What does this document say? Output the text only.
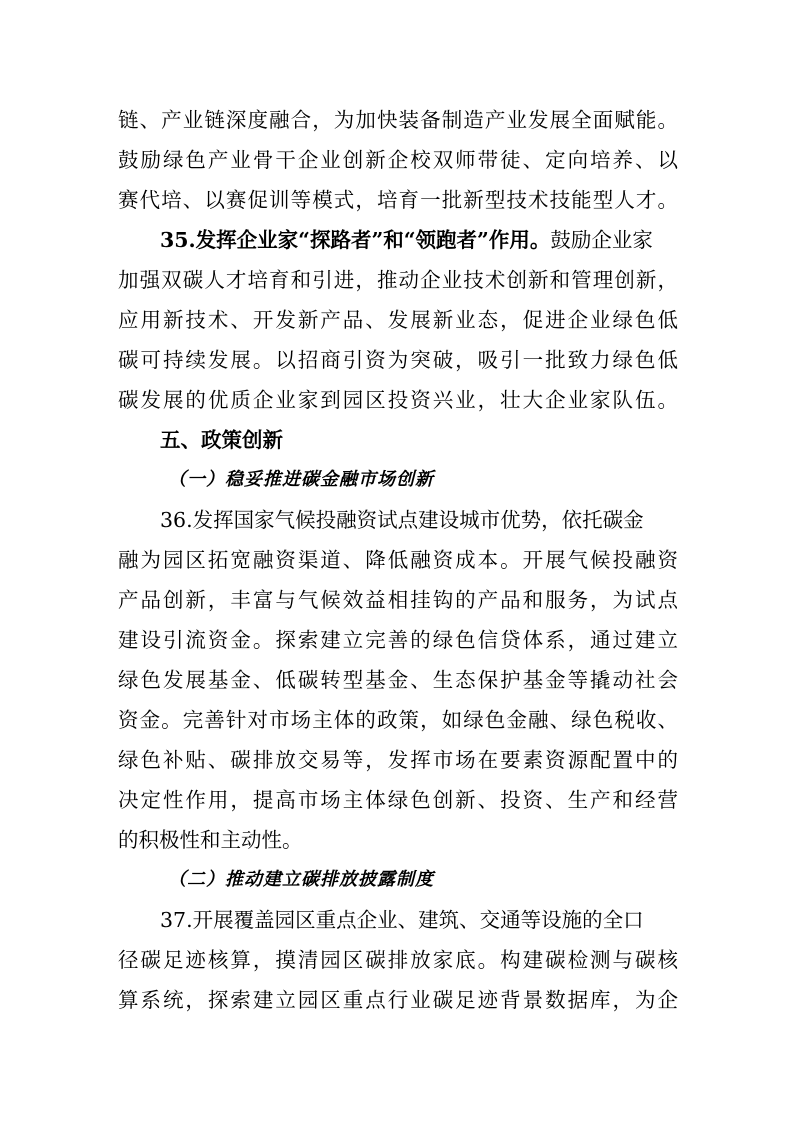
链、产业链深度融合，为加快装备制造产业发展全面赋能。
鼓励绿色产业骨干企业创新企校双师带徒、定向培养、以
赛代培、以赛促训等模式，培育一批新型技术技能型人才。
35.发挥企业家“探路者”和“领跑者”作用。鼓励企业家
加强双碳人才培育和引进，推动企业技术创新和管理创新，
应用新技术、开发新产品、发展新业态，促进企业绿色低
碳可持续发展。以招商引资为突破，吸引一批致力绿色低
碳发展的优质企业家到园区投资兴业，壮大企业家队伍。
五、政策创新
（一）稳妥推进碳金融市场创新
36.发挥国家气候投融资试点建设城市优势，依托碳金
融为园区拓宽融资渠道、降低融资成本。开展气候投融资
产品创新，丰富与气候效益相挂钩的产品和服务，为试点
建设引流资金。探索建立完善的绿色信贷体系，通过建立
绿色发展基金、低碳转型基金、生态保护基金等撬动社会
资金。完善针对市场主体的政策，如绿色金融、绿色税收、
绿色补贴、碳排放交易等，发挥市场在要素资源配置中的
决定性作用，提高市场主体绿色创新、投资、生产和经营
的积极性和主动性。
（二）推动建立碳排放披露制度
37.开展覆盖园区重点企业、建筑、交通等设施的全口
径碳足迹核算，摸清园区碳排放家底。构建碳检测与碳核
算系统，探索建立园区重点行业碳足迹背景数据库，为企
